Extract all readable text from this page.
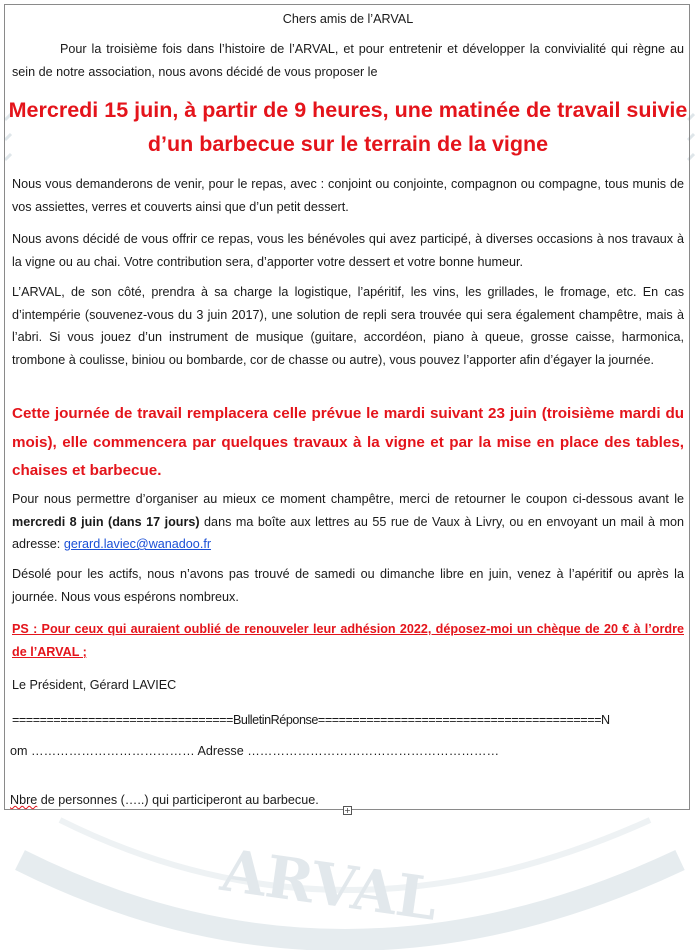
ARVAL

Chers amis de l’ARVAL

Pour la troisième fois dans l’histoire de l’ARVAL, et pour entretenir et développer la convivialité qui règne au sein de notre association, nous avons décidé de vous proposer le

Mercredi 15 juin, à partir de 9 heures, une matinée de travail suivie d’un barbecue sur le terrain de la vigne

Nous vous demanderons de venir, pour le repas, avec : conjoint ou conjointe, compagnon ou compagne, tous munis de vos assiettes, verres et couverts ainsi que d’un petit dessert.

Nous avons décidé de vous offrir ce repas, vous les bénévoles qui avez participé, à diverses occasions à nos travaux à la vigne ou au chai. Votre contribution sera, d’apporter votre dessert et votre bonne humeur.

L’ARVAL, de son côté, prendra à sa charge la logistique, l’apéritif, les vins, les grillades, le fromage, etc. En cas d’intempérie (souvenez-vous du 3 juin 2017), une solution de repli sera trouvée qui sera également champêtre, mais à l’abri. Si vous jouez d’un instrument de musique (guitare, accordéon, piano à queue, grosse caisse, harmonica, trombone à coulisse, biniou ou bombarde, cor de chasse ou autre), vous pouvez l’apporter afin d’égayer la journée.

Cette journée de travail remplacera celle prévue le mardi suivant 23 juin (troisième mardi du mois), elle commencera par quelques travaux à la vigne et par la mise en place des tables, chaises et barbecue.

Pour nous permettre d’organiser au mieux ce moment champêtre, merci de retourner le coupon ci-dessous avant le mercredi 8 juin (dans 17 jours) dans ma boîte aux lettres au 55 rue de Vaux à Livry, ou en envoyant un mail à mon adresse: gerard.laviec@wanadoo.fr

Désolé pour les actifs, nous n’avons pas trouvé de samedi ou dimanche libre en juin, venez à l’apéritif ou après la journée. Nous vous espérons nombreux.

PS : Pour ceux qui auraient oublié de renouveler leur adhésion 2022, déposez-moi un chèque de 20 € à l’ordre de l’ARVAL ;

Le Président, Gérard LAVIEC

================================BulletinRéponse=========================================N

om ………………………………… Adresse ……………………………………………………

Nbre de personnes (…..) qui participeront au barbecue.

+
